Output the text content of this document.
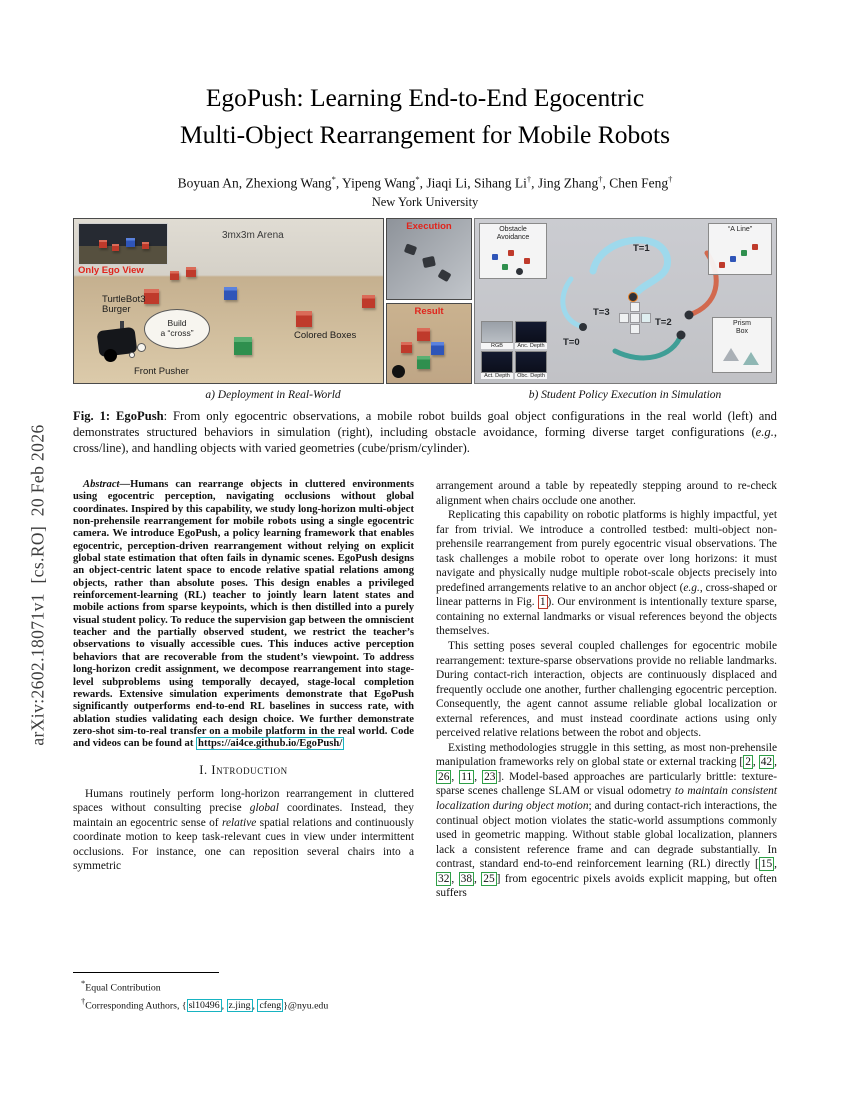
arXiv:2602.18071v1  [cs.RO]  20 Feb 2026
EgoPush: Learning End-to-End Egocentric
Multi-Object Rearrangement for Mobile Robots
Boyuan An, Zhexiong Wang*, Yipeng Wang*, Jiaqi Li, Sihang Li†, Jing Zhang†, Chen Feng†
New York University
Only Ego View
3mx3m Arena
TurtleBot3
Burger
Build
a “cross”	Colored Boxes
Front Pusher
Execution
Result
Obstacle
Avoidance
“A Line”
Prism
Box
RGB	Anc. Depth
Act. Depth	Obc. Depth
T=0
T=1
T=2
T=3
a) Deployment in Real-World	b) Student Policy Execution in Simulation
Fig. 1: EgoPush: From only egocentric observations, a mobile robot builds goal object configurations in the real world (left) and demonstrates structured behaviors in simulation (right), including obstacle avoidance, forming diverse target configurations (e.g., cross/line), and handling objects with varied geometries (cube/prism/cylinder).

Abstract—Humans can rearrange objects in cluttered environments using egocentric perception, navigating occlusions without global coordinates. Inspired by this capability, we study long-horizon multi-object non-prehensile rearrangement for mobile robots using a single egocentric camera. We introduce EgoPush, a policy learning framework that enables egocentric, perception-driven rearrangement without relying on explicit global state estimation that often fails in dynamic scenes. EgoPush designs an object-centric latent space to encode relative spatial relations among objects, rather than absolute poses. This design enables a privileged reinforcement-learning (RL) teacher to jointly learn latent states and mobile actions from sparse keypoints, which is then distilled into a purely visual student policy. To reduce the supervision gap between the omniscient teacher and the partially observed student, we restrict the teacher’s observations to visually accessible cues. This induces active perception behaviors that are recoverable from the student’s viewpoint. To address long-horizon credit assignment, we decompose rearrangement into stage-level subproblems using temporally decayed, stage-local completion rewards. Extensive simulation experiments demonstrate that EgoPush significantly outperforms end-to-end RL baselines in success rate, with ablation studies validating each design choice. We further demonstrate zero-shot sim-to-real transfer on a mobile platform in the real world. Code and videos can be found at https://ai4ce.github.io/EgoPush/

I. Introduction

Humans routinely perform long-horizon rearrangement in cluttered spaces without consulting precise global coordinates. Instead, they maintain an egocentric sense of relative spatial relations and continuously coordinate motion to keep task-relevant cues in view under intermittent occlusions. For instance, one can reposition several chairs into a symmetric

*Equal Contribution

†Corresponding Authors, { sl10496 , z.jing , cfeng }@nyu.edu

arrangement around a table by repeatedly stepping around to re-check alignment when chairs occlude one another.

Replicating this capability on robotic platforms is highly impactful, yet far from trivial. We introduce a controlled testbed: multi-object non-prehensile rearrangement from purely egocentric visual observations. The task challenges a mobile robot to operate over long horizons: it must navigate and physically nudge multiple robot-scale objects precisely into predefined arrangements relative to an anchor object (e.g., cross-shaped or linear patterns in Fig. 1 ). Our environment is intentionally texture sparse, containing no external landmarks or visual references beyond the objects themselves.

This setting poses several coupled challenges for egocentric mobile rearrangement: texture-sparse observations provide no reliable landmarks. During contact-rich interaction, objects are continuously displaced and frequently occlude one another, further challenging egocentric perception. Consequently, the agent cannot assume reliable global localization or external references, and must instead coordinate actions using only perceived relative relations between the robot and objects.

Existing methodologies struggle in this setting, as most non-prehensile manipulation frameworks rely on global state or external tracking [ 2 , 42 , 26 , 11 , 23 ]. Model-based approaches are particularly brittle: texture-sparse scenes challenge SLAM or visual odometry to maintain consistent localization during object motion; and during contact-rich interactions, the continual object motion violates the static-world assumptions commonly used in geometric mapping. Without stable global localization, planners lack a consistent reference frame and can degrade substantially. In contrast, standard end-to-end reinforcement learning (RL) directly [ 15 , 32 , 38 , 25 ] from egocentric pixels avoids explicit mapping, but often suffers
